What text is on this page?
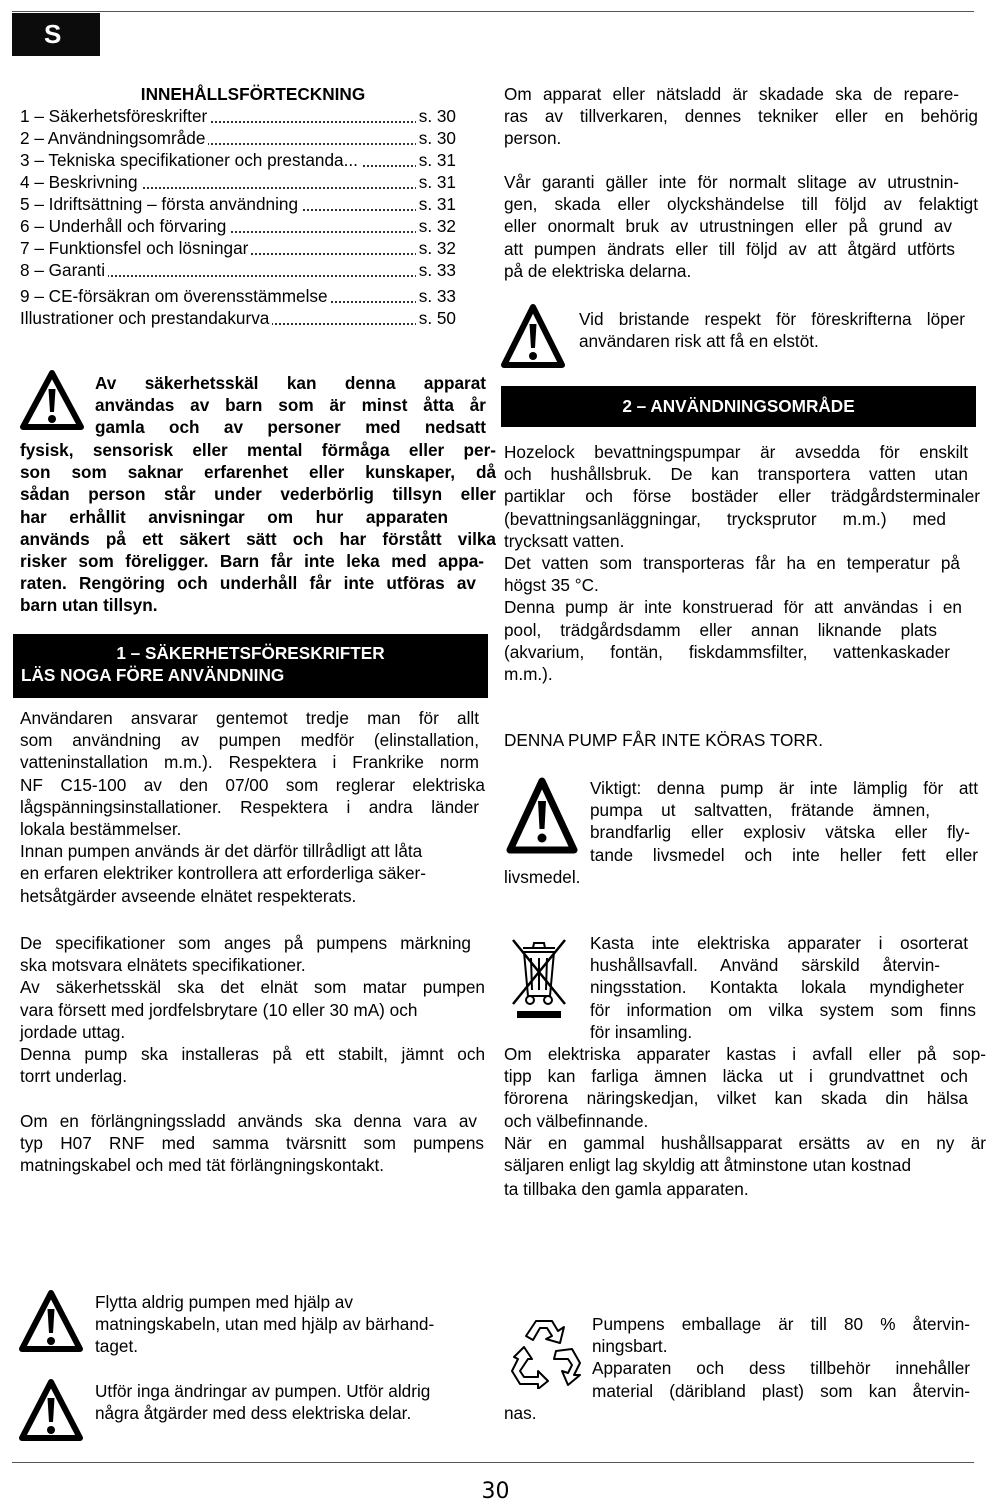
S
INNEHÅLLSFÖRTECKNING
1 – Säkerhetsföreskrifter	s. 30
2 – Användningsområde	s. 30
3 – Tekniska specifikationer och prestanda...	s. 31
4 – Beskrivning	s. 31
5 – Idriftsättning – första användning	s. 31
6 – Underhåll och förvaring	s. 32
7 – Funktionsfel och lösningar	s. 32
8 – Garanti	s. 33
9 – CE-försäkran om överensstämmelse	s. 33
Illustrationer och prestandakurva	s. 50
Av säkerhetsskäl kan denna apparat
användas av barn som är minst åtta år
gamla och av personer med nedsatt
fysisk, sensorisk eller mental förmåga eller per-
son som saknar erfarenhet eller kunskaper, då
sådan person står under vederbörlig tillsyn eller
har erhållit anvisningar om hur apparaten
används på ett säkert sätt och har förstått vilka
risker som föreligger. Barn får inte leka med appa-
raten. Rengöring och underhåll får inte utföras av
barn utan tillsyn.
1 – SÄKERHETSFÖRESKRIFTER
LÄS NOGA FÖRE ANVÄNDNING
Användaren ansvarar gentemot tredje man för allt
som användning av pumpen medför (elinstallation,
vatteninstallation m.m.). Respektera i Frankrike norm
NF C15-100 av den 07/00 som reglerar elektriska
lågspänningsinstallationer. Respektera i andra länder
lokala bestämmelser.
Innan pumpen används är det därför tillrådligt att låta
en erfaren elektriker kontrollera att erforderliga säker-
hetsåtgärder avseende elnätet respekterats.
De specifikationer som anges på pumpens märkning
ska motsvara elnätets specifikationer.
Av säkerhetsskäl ska det elnät som matar pumpen
vara försett med jordfelsbrytare (10 eller 30 mA) och
jordade uttag.
Denna pump ska installeras på ett stabilt, jämnt och
torrt underlag.
Om en förlängningssladd används ska denna vara av
typ H07 RNF med samma tvärsnitt som pumpens
matningskabel och med tät förlängningskontakt.
Flytta aldrig pumpen med hjälp av
matningskabeln, utan med hjälp av bärhand-
taget.
Utför inga ändringar av pumpen. Utför aldrig
några åtgärder med dess elektriska delar.
Om apparat eller nätsladd är skadade ska de repare-
ras av tillverkaren, dennes tekniker eller en behörig
person.
Vår garanti gäller inte för normalt slitage av utrustnin-
gen, skada eller olyckshändelse till följd av felaktigt
eller onormalt bruk av utrustningen eller på grund av
att pumpen ändrats eller till följd av att åtgärd utförts
på de elektriska delarna.
Vid bristande respekt för föreskrifterna löper
användaren risk att få en elstöt.
2 – ANVÄNDNINGSOMRÅDE
Hozelock bevattningspumpar är avsedda för enskilt
och hushållsbruk. De kan transportera vatten utan
partiklar och förse bostäder eller trädgårdsterminaler
(bevattningsanläggningar, trycksprutor m.m.) med
trycksatt vatten.
Det vatten som transporteras får ha en temperatur på
högst 35 °C.
Denna pump är inte konstruerad för att användas i en
pool, trädgårdsdamm eller annan liknande plats
(akvarium, fontän, fiskdammsfilter, vattenkaskader
m.m.).
DENNA PUMP FÅR INTE KÖRAS TORR.
Viktigt: denna pump är inte lämplig för att
pumpa ut saltvatten, frätande ämnen,
brandfarlig eller explosiv vätska eller fly-
tande livsmedel och inte heller fett eller
livsmedel.
Kasta inte elektriska apparater i osorterat
hushållsavfall. Använd särskild återvin-
ningsstation. Kontakta lokala myndigheter
för information om vilka system som finns
för insamling.
Om elektriska apparater kastas i avfall eller på sop-
tipp kan farliga ämnen läcka ut i grundvattnet och
förorena näringskedjan, vilket kan skada din hälsa
och välbefinnande.
När en gammal hushållsapparat ersätts av en ny är
säljaren enligt lag skyldig att åtminstone utan kostnad
ta tillbaka den gamla apparaten.
Pumpens emballage är till 80 % återvin-
ningsbart.
Apparaten och dess tillbehör innehåller
material (däribland plast) som kan återvin-
nas.
30
